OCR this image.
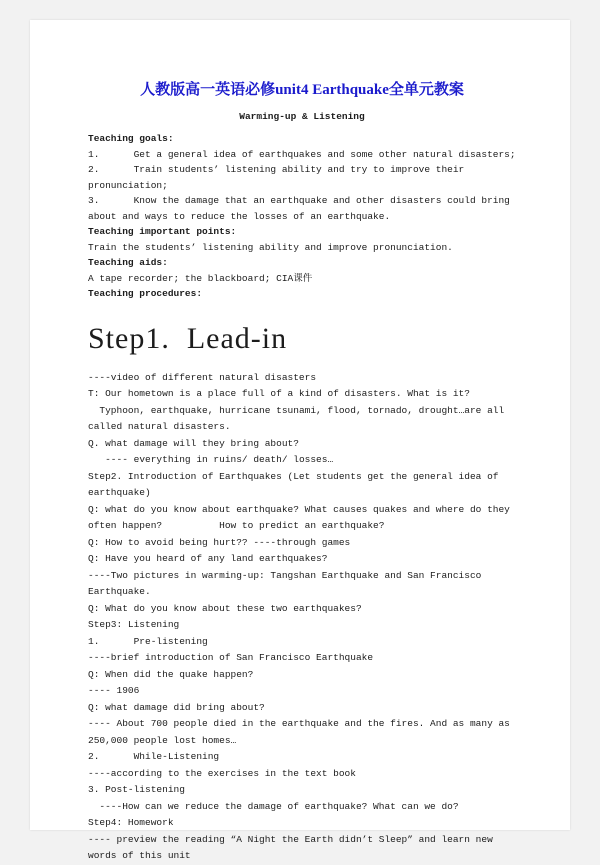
人教版高一英语必修unit4 Earthquake全单元教案
Warming-up & Listening
Teaching goals:
1.      Get a general idea of earthquakes and some other natural disasters;
2.      Train students’ listening ability and try to improve their pronunciation;
3.      Know the damage that an earthquake and other disasters could bring about and ways to reduce the losses of an earthquake.
Teaching important points:
Train the students’ listening ability and improve pronunciation.
Teaching aids:
A tape recorder; the blackboard; CIA课件
Teaching procedures:
Step1.  Lead-in
----video of different natural disasters
T: Our hometown is a place full of a kind of disasters. What is it?
Typhoon, earthquake, hurricane tsunami, flood, tornado, drought…are all called natural disasters.
Q. what damage will they bring about?
---- everything in ruins/ death/ losses…
Step2. Introduction of Earthquakes (Let students get the general idea of earthquake)
Q: what do you know about earthquake? What causes quakes and where do they often happen?          How to predict an earthquake?
Q: How to avoid being hurt?? ----through games
Q: Have you heard of any land earthquakes?
----Two pictures in warming-up: Tangshan Earthquake and San Francisco Earthquake.
Q: What do you know about these two earthquakes?
Step3: Listening
1.      Pre-listening
----brief introduction of San Francisco Earthquake
Q: When did the quake happen?
---- 1906
Q: what damage did bring about?
---- About 700 people died in the earthquake and the fires. And as many as 250,000 people lost homes…
2.      While-Listening
----according to the exercises in the text book
3. Post-listening
----How can we reduce the damage of earthquake? What can we do?
Step4: Homework
---- preview the reading “A Night the Earth didn’t Sleep” and learn new words of this unit
